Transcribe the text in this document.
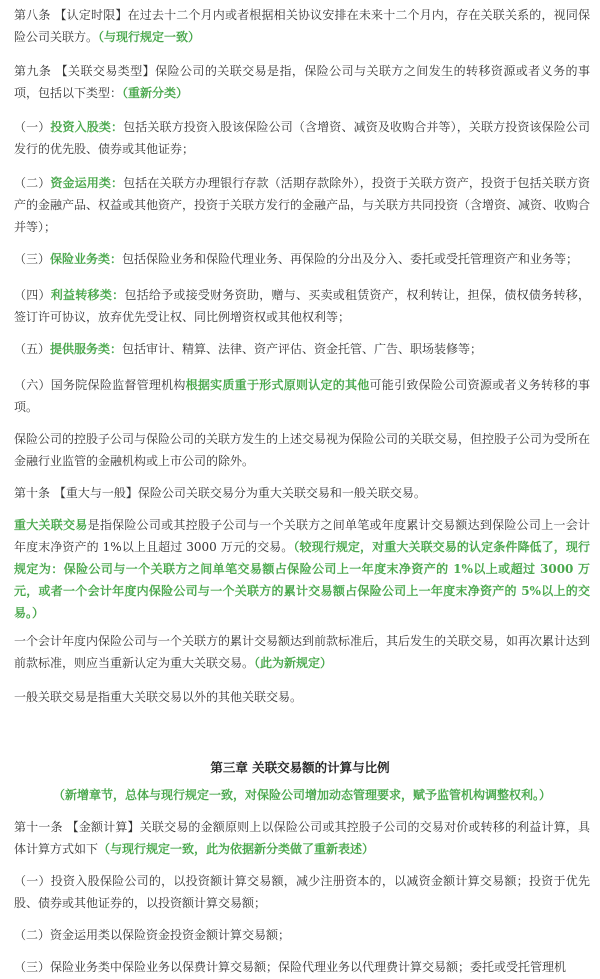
第八条 【认定时限】在过去十二个月内或者根据相关协议安排在未来十二个月内，存在关联关系的，视同保险公司关联方。（与现行规定一致）

第九条 【关联交易类型】保险公司的关联交易是指，保险公司与关联方之间发生的转移资源或者义务的事项，包括以下类型：（重新分类）

（一）投资入股类：包括关联方投资入股该保险公司（含增资、减资及收购合并等），关联方投资该保险公司发行的优先股、债券或其他证券；

（二）资金运用类：包括在关联方办理银行存款（活期存款除外），投资于关联方资产，投资于包括关联方资产的金融产品、权益或其他资产，投资于关联方发行的金融产品，与关联方共同投资（含增资、减资、收购合并等）；

（三）保险业务类：包括保险业务和保险代理业务、再保险的分出及分入、委托或受托管理资产和业务等；

（四）利益转移类：包括给予或接受财务资助，赠与、买卖或租赁资产，权利转让，担保，债权债务转移，签订许可协议，放弃优先受让权、同比例增资权或其他权利等；

（五）提供服务类：包括审计、精算、法律、资产评估、资金托管、广告、职场装修等；

（六）国务院保险监督管理机构根据实质重于形式原则认定的其他可能引致保险公司资源或者义务转移的事项。

保险公司的控股子公司与保险公司的关联方发生的上述交易视为保险公司的关联交易，但控股子公司为受所在金融行业监管的金融机构或上市公司的除外。

第十条 【重大与一般】保险公司关联交易分为重大关联交易和一般关联交易。

重大关联交易是指保险公司或其控股子公司与一个关联方之间单笔或年度累计交易额达到保险公司上一会计年度末净资产的 1%以上且超过 3000 万元的交易。（较现行规定，对重大关联交易的认定条件降低了，现行规定为：保险公司与一个关联方之间单笔交易额占保险公司上一年度末净资产的 1%以上或超过 3000 万元，或者一个会计年度内保险公司与一个关联方的累计交易额占保险公司上一年度末净资产的 5%以上的交易。）

一个会计年度内保险公司与一个关联方的累计交易额达到前款标准后，其后发生的关联交易，如再次累计达到前款标准，则应当重新认定为重大关联交易。（此为新规定）

一般关联交易是指重大关联交易以外的其他关联交易。

第三章 关联交易额的计算与比例

（新增章节，总体与现行规定一致，对保险公司增加动态管理要求，赋予监管机构调整权利。）

第十一条 【金额计算】关联交易的金额原则上以保险公司或其控股子公司的交易对价或转移的利益计算，具体计算方式如下（与现行规定一致，此为依据新分类做了重新表述）

（一）投资入股保险公司的，以投资额计算交易额，减少注册资本的，以减资金额计算交易额；投资于优先股、债券或其他证券的，以投资额计算交易额；

（二）资金运用类以保险资金投资金额计算交易额；

（三）保险业务类中保险业务以保费计算交易额；保险代理业务以代理费计算交易额；委托或受托管理机
